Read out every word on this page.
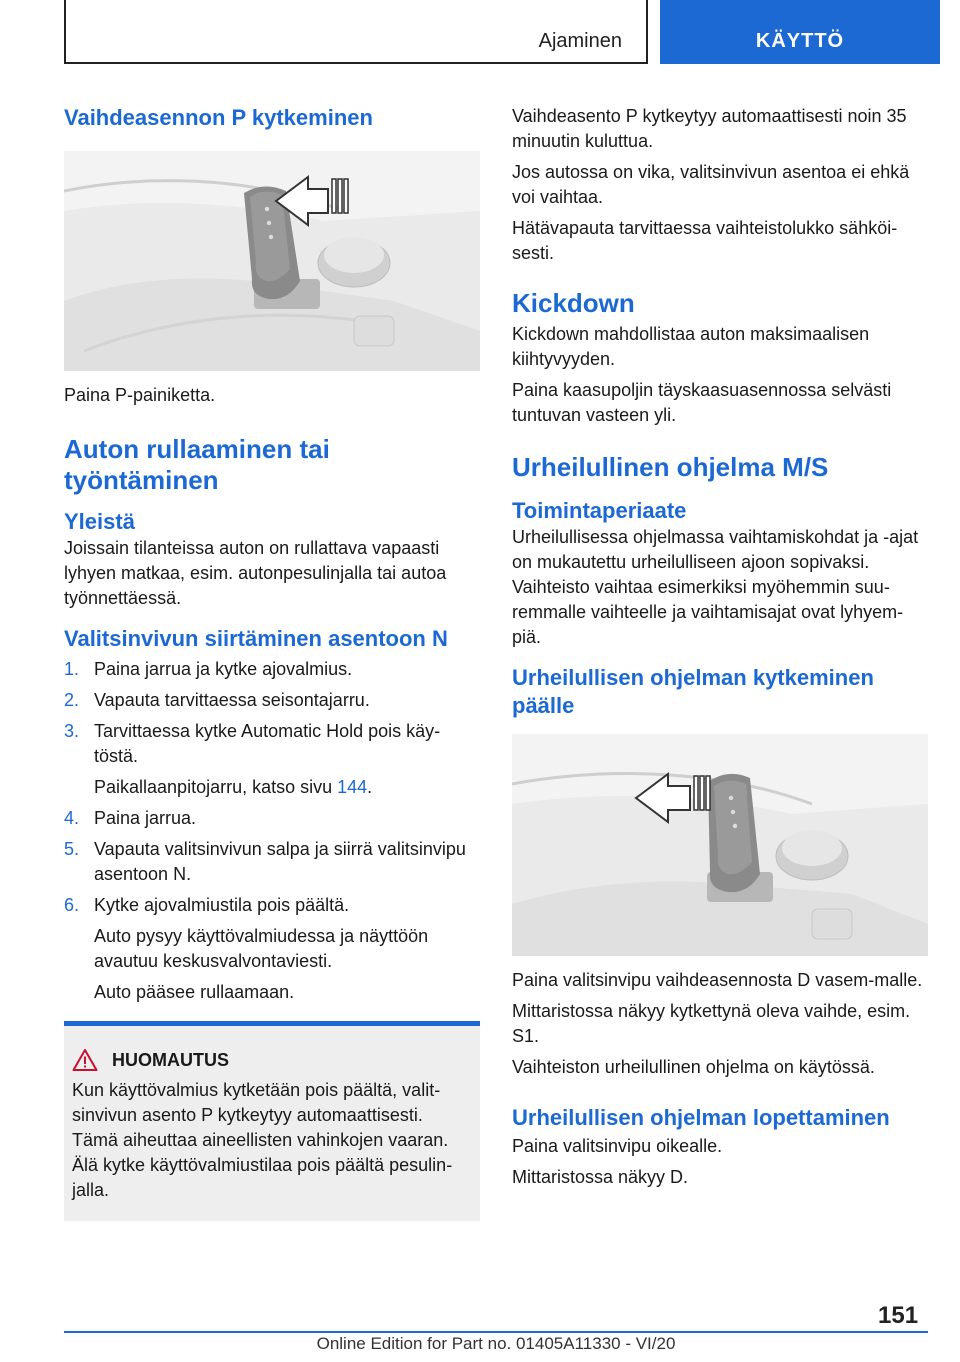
Ajaminen	KÄYTTÖ
Vaihdeasennon P kytkeminen

Paina P-painiketta.

Auton rullaaminen tai työntäminen
Yleistä

Joissain tilanteissa auton on rullattava vapaasti lyhyen matkaa, esim. autonpesulinjalla tai autoa työnnettäessä.

Valitsinvivun siirtäminen asentoon N
1. Paina jarrua ja kytke ajovalmius.
2. Vapauta tarvittaessa seisontajarru.
3. Tarvittaessa kytke Automatic Hold pois käy‐töstä.
Paikallaanpitojarru, katso sivu 144.
4. Paina jarrua.
5. Vapauta valitsinvivun salpa ja siirrä valitsinvipu asentoon N.
6. Kytke ajovalmiustila pois päältä.
Auto pysyy käyttövalmiudessa ja näyttöön avautuu keskusvalvontaviesti.
Auto pääsee rullaamaan.
HUOMAUTUS

Kun käyttövalmius kytketään pois päältä, valit‐sinvivun asento P kytkeytyy automaattisesti. Tämä aiheuttaa aineellisten vahinkojen vaaran. Älä kytke käyttövalmiustilaa pois päältä pesulin‐jalla.

Vaihdeasento P kytkeytyy automaattisesti noin 35 minuutin kuluttua.

Jos autossa on vika, valitsinvivun asentoa ei ehkä voi vaihtaa.

Hätävapauta tarvittaessa vaihteistolukko sähköi‐sesti.

Kickdown

Kickdown mahdollistaa auton maksimaalisen kiihtyvyyden.

Paina kaasupoljin täyskaasuasennossa selvästi tuntuvan vasteen yli.

Urheilullinen ohjelma M/S
Toimintaperiaate

Urheilullisessa ohjelmassa vaihtamiskohdat ja -ajat on mukautettu urheilulliseen ajoon sopivaksi. Vaihteisto vaihtaa esimerkiksi myöhemmin suu‐remmalle vaihteelle ja vaihtamisajat ovat lyhyem‐piä.

Urheilullisen ohjelman kytkeminen päälle

Paina valitsinvipu vaihdeasennosta D vasem‐malle.

Mittaristossa näkyy kytkettynä oleva vaihde, esim. S1.

Vaihteiston urheilullinen ohjelma on käytössä.

Urheilullisen ohjelman lopettaminen

Paina valitsinvipu oikealle.

Mittaristossa näkyy D.

151
Online Edition for Part no. 01405A11330 - VI/20
